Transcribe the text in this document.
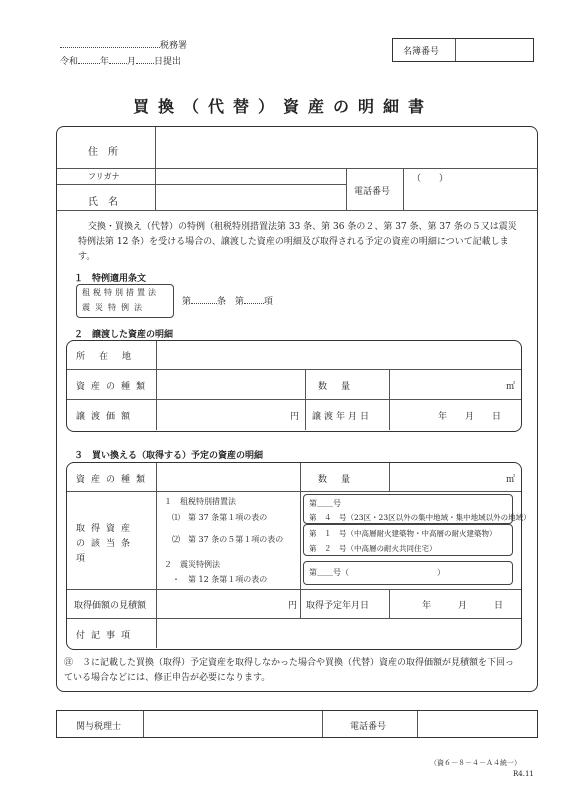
税務署
令和 年 月 日提出
名簿番号
買換（代替）資産の明細書
住　所
フリガナ
氏　名
電話番号
（　　）
交換・買換え（代替）の特例（租税特別措置法第 33 条、第 36 条の２、第 37 条、第 37 条の５又は震災特例法第 12 条）を受ける場合の、譲渡した資産の明細及び取得される予定の資産の明細について記載します。
１　特例適用条文
租税特別措置法
震災特例法
第	条 第 項
２　譲渡した資産の明細
所在地
資産の種類	数量	㎡
譲渡価額	円 譲渡年月日	年　　月　　日
３　買い換える（取得する）予定の資産の明細
資産の種類	数量	㎡
取得資産の該当条項
１　租税特別措置法
⑴　第 37 条第１項の表の
⑵　第 37 条の５第１項の表の
２　震災特例法
・　第 12 条第１項の表の
第＿＿号
第　４　号（23区・23区以外の集中地域・集中地域以外の地域）
第　１　号（中高層耐火建築物・中高層の耐火建築物）
第　２　号（中高層の耐火共同住宅）
第＿＿号（　　　　　　　　　　　）
取得価額の見積額	円 取得予定年月日	年　　　月　　　日
付記事項
㊟　３に記載した買換（取得）予定資産を取得しなかった場合や買換（代替）資産の取得価額が見積額を下回っている場合などには、修正申告が必要になります。
関与税理士	電話番号
（資６－８－４－Ａ４統一）
R4.11
